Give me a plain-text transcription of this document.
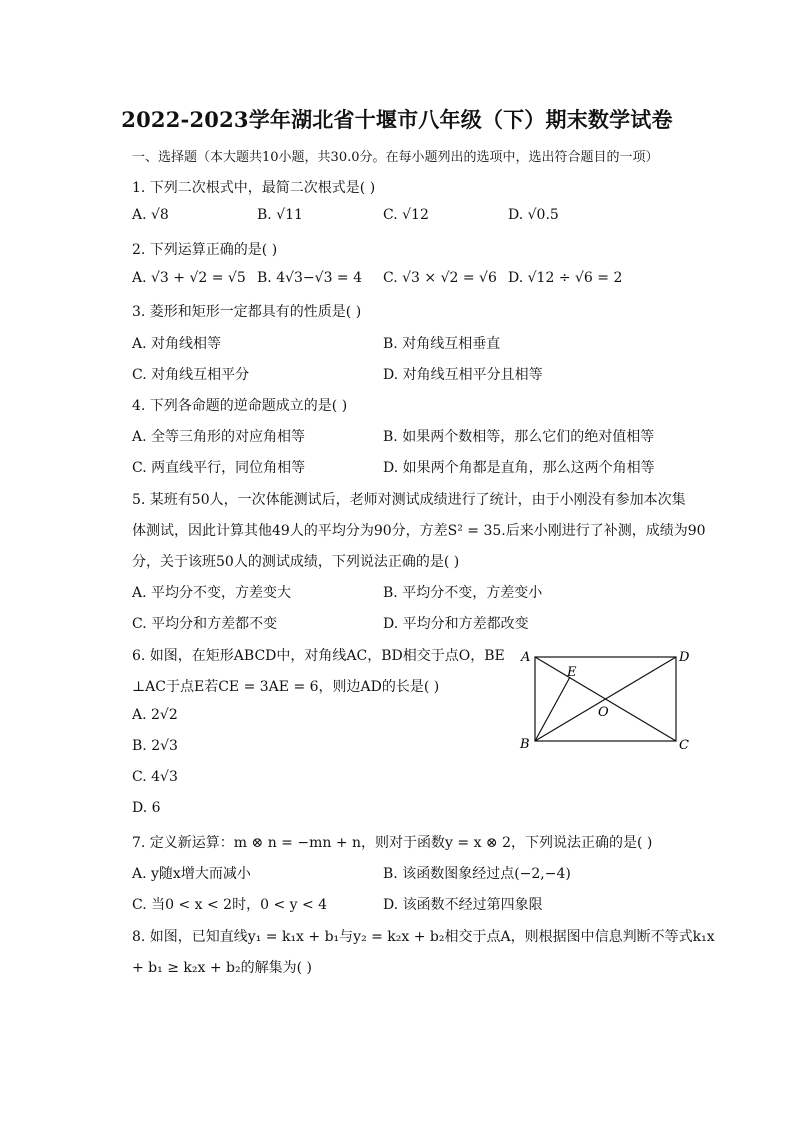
2022-2023学年湖北省十堰市八年级（下）期末数学试卷
一、选择题（本大题共10小题，共30.0分。在每小题列出的选项中，选出符合题目的一项）
1. 下列二次根式中，最简二次根式是( )
A. √8	B. √11	C. √12	D. √0.5
2. 下列运算正确的是( )
A. √3 + √2 = √5 B. 4√3−√3 = 4 C. √3 × √2 = √6 D. √12 ÷ √6 = 2
3. 菱形和矩形一定都具有的性质是( )
A. 对角线相等	B. 对角线互相垂直
C. 对角线互相平分	D. 对角线互相平分且相等
4. 下列各命题的逆命题成立的是( )
A. 全等三角形的对应角相等	B. 如果两个数相等，那么它们的绝对值相等
C. 两直线平行，同位角相等	D. 如果两个角都是直角，那么这两个角相等
5. 某班有50人，一次体能测试后，老师对测试成绩进行了统计，由于小刚没有参加本次集
体测试，因此计算其他49人的平均分为90分，方差S² = 35.后来小刚进行了补测，成绩为90
分，关于该班50人的测试成绩，下列说法正确的是( )
A. 平均分不变，方差变大	B. 平均分不变，方差变小
C. 平均分和方差都不变	D. 平均分和方差都改变
6. 如图，在矩形ABCD中，对角线AC，BD相交于点O，BE
⊥AC于点E若CE = 3AE = 6，则边AD的长是( )
A. 2√2
B. 2√3
C. 4√3
D. 6
A	D
E
O
B	C
7. 定义新运算：m ⊗ n = −mn + n，则对于函数y = x ⊗ 2，下列说法正确的是( )
A. y随x增大而减小	B. 该函数图象经过点(−2,−4)
C. 当0 < x < 2时，0 < y < 4	D. 该函数不经过第四象限
8. 如图，已知直线y₁ = k₁x + b₁与y₂ = k₂x + b₂相交于点A，则根据图中信息判断不等式k₁x
+ b₁ ≥ k₂x + b₂的解集为( )
